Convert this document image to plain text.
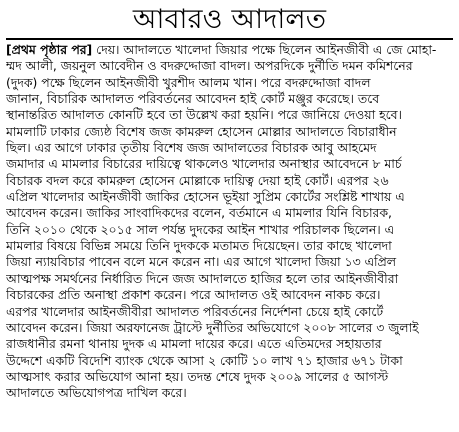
আবারও আদালত
[প্রথম পৃষ্ঠার পর] দেয়। আদালতে খালেদা জিয়ার পক্ষে ছিলেন আইনজীবী এ জে মোহা-
ম্মদ আলী, জয়নুল আবেদীন ও বদরুদ্দোজা বাদল। অপরদিকে দুর্নীতি দমন কমিশনের
(দুদক) পক্ষে ছিলেন আইনজীবী খুরশীদ আলম খান। পরে বদরুদ্দোজা বাদল
জানান, বিচারিক আদালত পরিবর্তনের আবেদন হাই কোর্ট মঞ্জুর করেছে। তবে
স্থানান্তরিত আদালত কোনটি হবে তা উল্লেখ করা হয়নি। পরে জানিয়ে দেওয়া হবে।
মামলাটি ঢাকার জ্যেষ্ঠ বিশেষ জজ কামরুল হোসেন মোল্লার আদালতে বিচারাধীন
ছিল। এর আগে ঢাকার তৃতীয় বিশেষ জজ আদালতের বিচারক আবু আহমেদ
জমাদার এ মামলার বিচারের দায়িত্বে থাকলেও খালেদার অনাস্থার আবেদনে ৮ মার্চ
বিচারক বদল করে কামরুল হোসেন মোল্লাকে দায়িত্ব দেয়া হাই কোর্ট। এরপর ২৬
এপ্রিল খালেদার আইনজীবী জাকির হোসেন ভূইয়া সুপ্রিম কোর্টের সংশ্লিষ্ট শাখায় এ
আবেদন করেন। জাকির সাংবাদিকদের বলেন, বর্তমানে এ মামলার যিনি বিচারক,
তিনি ২০১০ থেকে ২০১৫ সাল পর্যন্ত দুদকের আইন শাখার পরিচালক ছিলেন। এ
মামলার বিষয়ে বিভিন্ন সময়ে তিনি দুদককে মতামত দিয়েছেন। তার কাছে খালেদা
জিয়া ন্যায়বিচার পাবেন বলে মনে করেন না। এর আগে খালেদা জিয়া ১৩ এপ্রিল
আত্মপক্ষ সমর্থনের নির্ধারিত দিনে জজ আদালতে হাজির হলে তার আইনজীবীরা
বিচারকের প্রতি অনাস্থা প্রকাশ করেন। পরে আদালত ওই আবেদন নাকচ করে।
এরপর খালেদার আইনজীবীরা আদালত পরিবর্তনের নির্দেশনা চেয়ে হাই কোর্টে
আবেদন করেন। জিয়া অরফানেজ ট্রাস্টে দুর্নীতির অভিযোগে ২০০৮ সালের ৩ জুলাই
রাজধানীর রমনা থানায় দুদক এ মামলা দায়ের করে। এতে এতিমদের সহায়তার
উদ্দেশে একটি বিদেশি ব্যাংক থেকে আসা ২ কোটি ১০ লাখ ৭১ হাজার ৬৭১ টাকা
আত্মসাৎ করার অভিযোগ আনা হয়। তদন্ত শেষে দুদক ২০০৯ সালের ৫ আগস্ট
আদালতে অভিযোগপত্র দাখিল করে।
